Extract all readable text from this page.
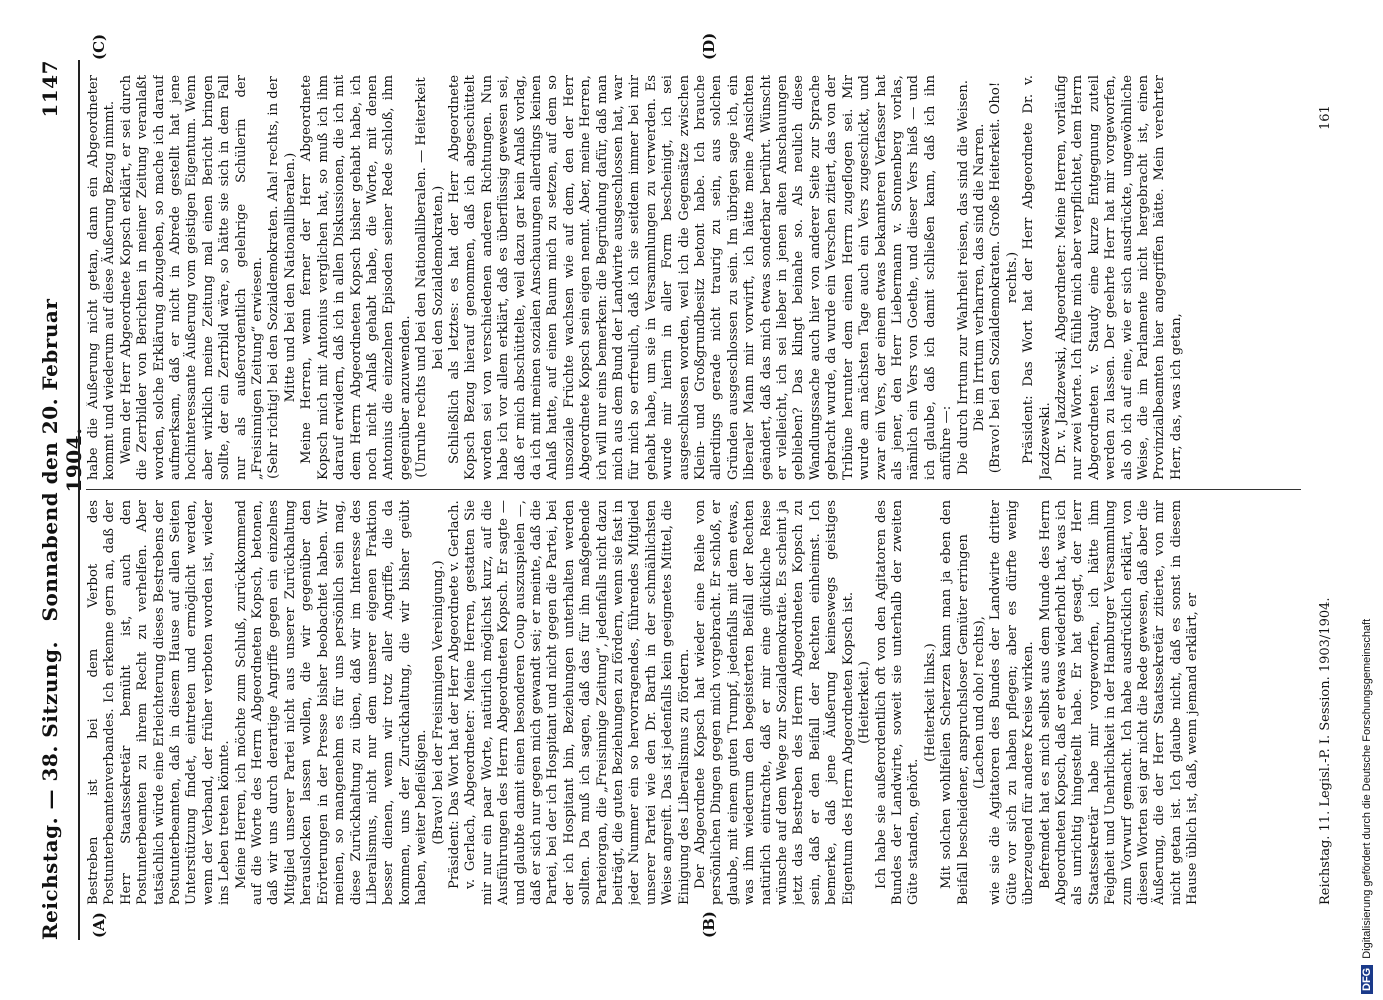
Reichstag. — 38. Sitzung.
Sonnabend den 20. Februar 1904.
1147
(A)	(B)
(C)	(D)

Bestreben ist bei dem Verbot des Postunterbeamtenverbandes. Ich erkenne gern an, daß der Herr Staatssekretär bemüht ist, auch den Postunterbeamten zu ihrem Recht zu verhelfen. Aber tatsächlich würde eine Erleichterung dieses Bestrebens der Postunterbeamten, daß in diesem Hause auf allen Seiten Unterstützung findet, eintreten und ermöglicht werden, wenn der Verband, der früher verboten worden ist, wieder ins Leben treten könnte. Meine Herren, ich möchte zum Schluß, zurückkommend auf die Worte des Herrn Abgeordneten Kopsch, betonen, daß wir uns durch derartige Angriffe gegen ein einzelnes Mitglied unserer Partei nicht aus unserer Zurückhaltung herauslocken lassen wollen, die wir gegenüber den Erörterungen in der Presse bisher beobachtet haben. Wir meinen, so mangenehm es für uns persönlich sein mag, diese Zurückhaltung zu üben, daß wir im Interesse des Liberalismus, nicht nur dem unserer eigenen Fraktion besser dienen, wenn wir trotz aller Angriffe, die da kommen, uns der Zurückhaltung, die wir bisher geübt haben, weiter befleißigen. (Bravo! bei der Freisinnigen Vereinigung.) Präsident: Das Wort hat der Herr Abgeordnete v. Gerlach. v. Gerlach, Abgeordneter: Meine Herren, gestatten Sie mir nur ein paar Worte, natürlich möglichst kurz, auf die Ausführungen des Herrn Abgeordneten Kopsch. Er sagte — und glaubte damit einen besonderen Coup auszuspielen —, daß er sich nur gegen mich gewandt sei; er meinte, daß die Partei, bei der ich Hospitant und nicht gegen die Partei, bei der ich Hospitant bin, Beziehungen unterhalten werden sollten. Da muß ich sagen, daß das für ihn maßgebende Parteiorgan, die „Freisinnige Zeitung“, jedenfalls nicht dazu beiträgt, die guten Beziehungen zu fördern, wenn sie fast in jeder Nummer ein so hervorragendes, führendes Mitglied unserer Partei wie den Dr. Barth in der schmählichsten Weise angreift. Das ist jedenfalls kein geeignetes Mittel, die Einigung des Liberalismus zu fördern. Der Abgeordnete Kopsch hat wieder eine Reihe von persönlichen Dingen gegen mich vorgebracht. Er schloß, er glaube, mit einem guten Trumpf, jedenfalls mit dem etwas, was ihm wiederum den begeisterten Beifall der Rechten natürlich eintrachte, daß er mir eine glückliche Reise wünsche auf dem Wege zur Sozialdemokratie. Es scheint ja jetzt das Bestreben des Herrn Abgeordneten Kopsch zu sein, daß er den Beifall der Rechten einheimst. Ich bemerke, daß jene Äußerung keineswegs geistiges Eigentum des Herrn Abgeordneten Kopsch ist. (Heiterkeit.) Ich habe sie außerordentlich oft von den Agitatoren des Bundes der Landwirte, soweit sie unterhalb der zweiten Güte standen, gehört.

(Heiterkeit links.) Mit solchen wohlfeilen Scherzen kann man ja eben den Beifall bescheidener, anspruchsloser Gemüter erringen (Lachen und oho! rechts), wie sie die Agitatoren des Bundes der Landwirte dritter Güte vor sich zu haben pflegen; aber es dürfte wenig überzeugend für andere Kreise wirken. Befremdet hat es mich selbst aus dem Munde des Herrn Abgeordneten Kopsch, daß er etwas wiederholt hat, was ich als unrichtig hingestellt habe. Er hat gesagt, der Herr Staatssekretär habe mir vorgeworfen, ich hätte ihm Feigheit und Unehrlichkeit in der Hamburger Versammlung zum Vorwurf gemacht. Ich habe ausdrücklich erklärt, von diesen Worten sei gar nicht die Rede gewesen, daß aber die Äußerung, die der Herr Staatssekretär zitierte, von mir nicht getan ist. Ich glaube nicht, daß es sonst in diesem Hause üblich ist, daß, wenn jemand erklärt, er

habe die Äußerung nicht getan, dann ein Abgeordneter kommt und wiederum auf diese Äußerung Bezug nimmt. Wenn der Herr Abgeordnete Kopsch erklärt, er sei durch die Zerrbilder von Berichten in meiner Zeitung veranlaßt worden, solche Erklärung abzugeben, so mache ich darauf aufmerksam, daß er nicht in Abrede gestellt hat jene hochinteressante Äußerung vom geistigen Eigentum. Wenn aber wirklich meine Zeitung mal einen Bericht bringen sollte, der ein Zerrbild wäre, so hätte sie sich in dem Fall nur als außerordentlich gelehrige Schülerin der „Freisinnigen Zeitung“ erwiesen. (Sehr richtig! bei den Sozialdemokraten. Aha! rechts, in der Mitte und bei den Nationalliberalen.) Meine Herren, wenn ferner der Herr Abgeordnete Kopsch mich mit Antonius verglichen hat, so muß ich ihm darauf erwidern, daß ich in allen Diskussionen, die ich mit dem Herrn Abgeordneten Kopsch bisher gehabt habe, ich noch nicht Anlaß gehabt habe, die Worte, mit denen Antonius die einzelnen Episoden seiner Rede schloß, ihm gegenüber anzuwenden. (Unruhe rechts und bei den Nationalliberalen. — Heiterkeit bei den Sozialdemokraten.) Schließlich als letztes: es hat der Herr Abgeordnete Kopsch Bezug hierauf genommen, daß ich abgeschüttelt worden sei von verschiedenen anderen Richtungen. Nun habe ich vor allem erklärt, daß es überflüssig gewesen sei, daß er mich abschüttelte, weil dazu gar kein Anlaß vorlag, da ich mit meinen sozialen Anschauungen allerdings keinen Anlaß hatte, auf einen Baum mich zu setzen, auf dem so unsoziale Früchte wachsen wie auf dem, den der Herr Abgeordnete Kopsch sein eigen nennt. Aber, meine Herren, ich will nur eins bemerken: die Begründung dafür, daß man mich aus dem Bund der Landwirte ausgeschlossen hat, war für mich so erfreulich, daß ich sie seitdem immer bei mir gehabt habe, um sie in Versammlungen zu verwerden. Es wurde mir hierin in aller Form bescheinigt, ich sei ausgeschlossen worden, weil ich die Gegensätze zwischen Klein- und Großgrundbesitz betont habe. Ich brauche allerdings gerade nicht traurig zu sein, aus solchen Gründen ausgeschlossen zu sein. Im übrigen sage ich, ein liberaler Mann mir vorwirft, ich hätte meine Ansichten geändert, daß das mich etwas sonderbar berührt. Wünscht er vielleicht, ich sei lieber in jenen alten Anschauungen geblieben? Das klingt beinahe so. Als neulich diese Wandlungssache auch hier von anderer Seite zur Sprache gebracht wurde, da wurde ein Verschen zitiert, das von der Tribüne herunter dem einen Herrn zugeflogen sei. Mir wurde am nächsten Tage auch ein Vers zugeschickt, und zwar ein Vers, der einem etwas bekannteren Verfasser hat als jener, den Herr Liebermann v. Sonnenberg vorlas, nämlich ein Vers von Goethe, und dieser Vers hieß — und ich glaube, daß ich damit schließen kann, daß ich ihn anführe —: Die durch Irrtum zur Wahrheit reisen, das sind die Weisen. Die im Irrtum verharren, das sind die Narren. (Bravo! bei den Sozialdemokraten. Große Heiterkeit. Oho! rechts.) Präsident: Das Wort hat der Herr Abgeordnete Dr. v. Jazdzewski. Dr. v. Jazdzewski, Abgeordneter: Meine Herren, vorläufig nur zwei Worte. Ich fühle mich aber verpflichtet, dem Herrn Abgeordneten v. Staudy eine kurze Entgegnung zuteil werden zu lassen. Der geehrte Herr hat mir vorgeworfen, als ob ich auf eine, wie er sich ausdrückte, ungewöhnliche Weise, die im Parlamente nicht hergebracht ist, einen Provinzialbeamten hier angegriffen hätte. Mein verehrter Herr, das, was ich getan,

Reichstag. 11. Legisl.-P. I. Session. 1903/1904.
161
DFGDigitalisierung gefördert durch die Deutsche Forschungsgemeinschaft
